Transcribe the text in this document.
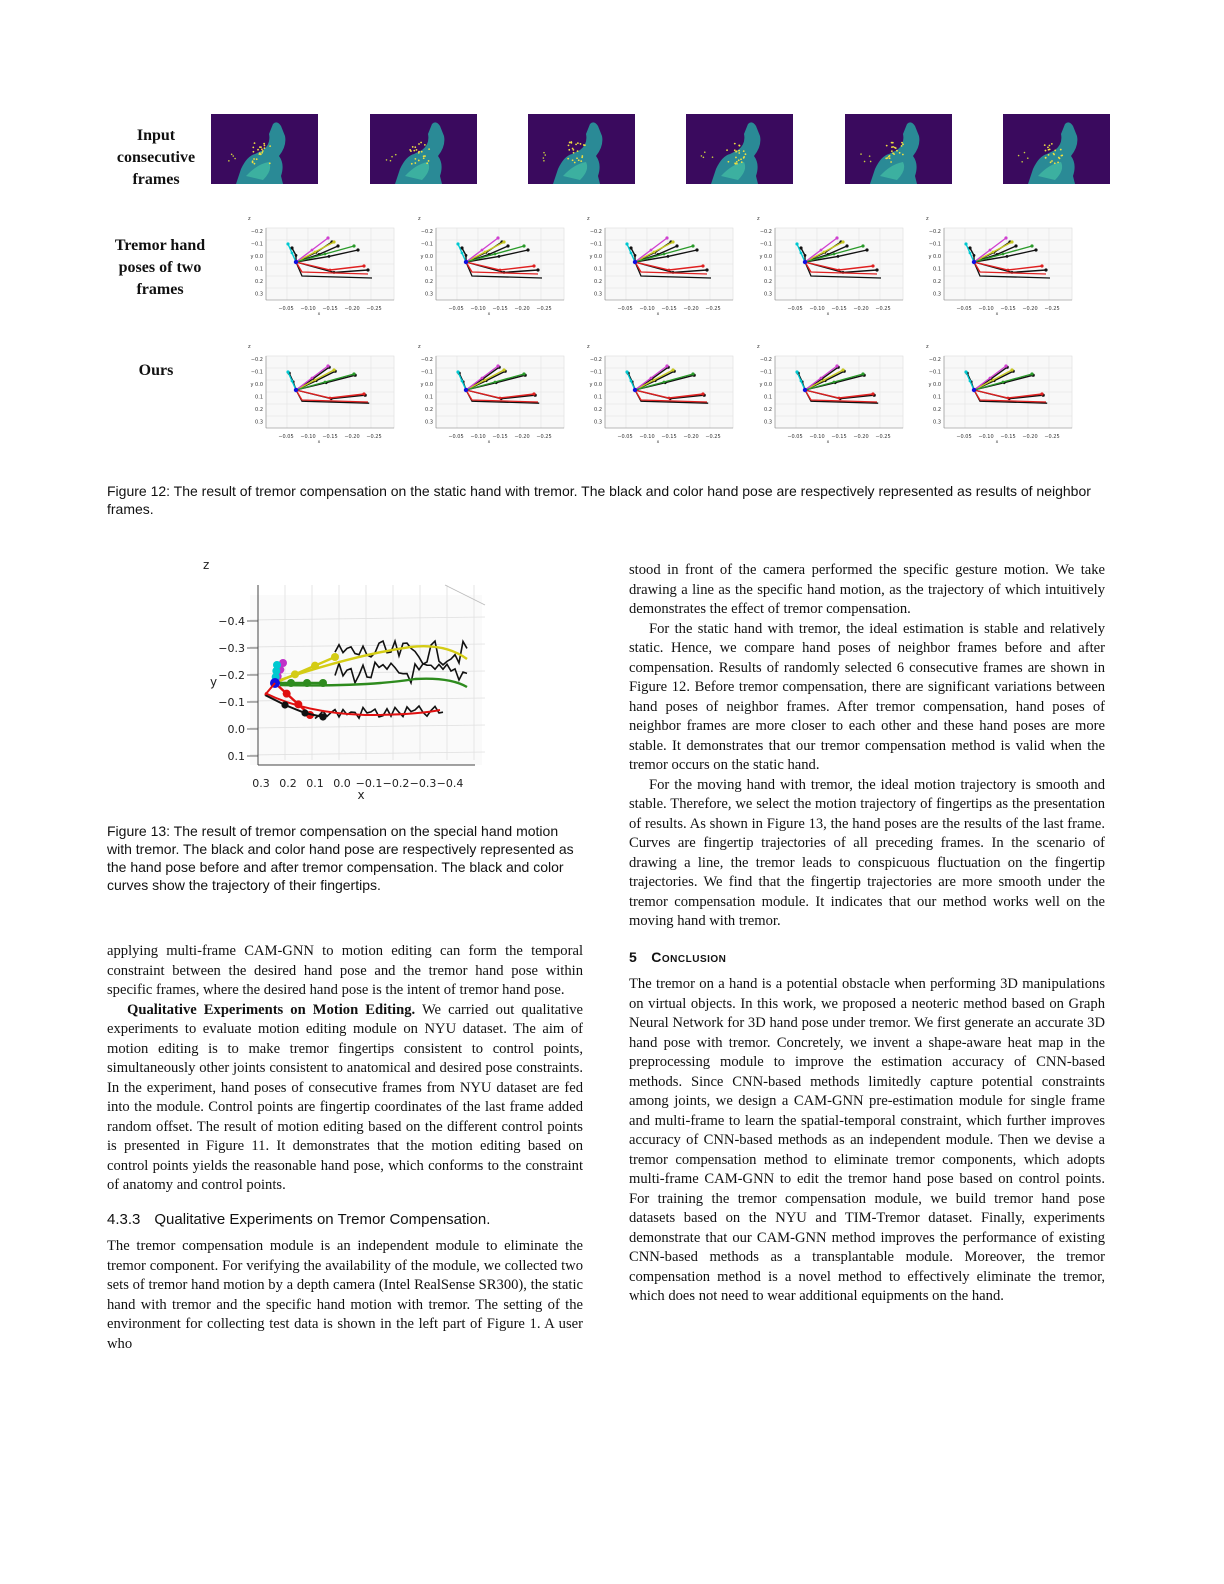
Input
consecutive
frames
Tremor hand
poses of two
frames
Ours
z
−0.2
−0.1
y 0.0
0.1
0.2
0.3
−0.05 −0.10 −0.15 −0.20 −0.25
x
z
−0.2
−0.1
y 0.0
0.1
0.2
0.3
−0.05 −0.10 −0.15 −0.20 −0.25
x
z
−0.2
−0.1
y 0.0
0.1
0.2
0.3
−0.05 −0.10 −0.15 −0.20 −0.25
x
z
−0.2
−0.1
y 0.0
0.1
0.2
0.3
−0.05 −0.10 −0.15 −0.20 −0.25
x
z
−0.2
−0.1
y 0.0
0.1
0.2
0.3
−0.05 −0.10 −0.15 −0.20 −0.25
x
z
−0.2
−0.1
y 0.0
0.1
0.2
0.3
−0.05 −0.10 −0.15 −0.20 −0.25
x
z
−0.2
−0.1
y 0.0
0.1
0.2
0.3
−0.05 −0.10 −0.15 −0.20 −0.25
x
z
−0.2
−0.1
y 0.0
0.1
0.2
0.3
−0.05 −0.10 −0.15 −0.20 −0.25
x
z
−0.2
−0.1
y 0.0
0.1
0.2
0.3
−0.05 −0.10 −0.15 −0.20 −0.25
x
z
−0.2
−0.1
y 0.0
0.1
0.2
0.3
−0.05 −0.10 −0.15 −0.20 −0.25
x
Figure 12: The result of tremor compensation on the static hand with tremor. The black and color hand pose are respectively represented as results of neighbor frames.
z
y
−0.4
−0.3
−0.2
−0.1
0.0
0.1
0.3 0.2 0.1 0.0 −0.1 −0.2 −0.3 −0.4
x
Figure 13: The result of tremor compensation on the special hand motion with tremor. The black and color hand pose are respectively represented as the hand pose before and after tremor compensation. The black and color curves show the trajectory of their fingertips.

applying multi-frame CAM-GNN to motion editing can form the temporal constraint between the desired hand pose and the tremor hand pose within specific frames, where the desired hand pose is the intent of tremor hand pose.

Qualitative Experiments on Motion Editing. We carried out qualitative experiments to evaluate motion editing module on NYU dataset. The aim of motion editing is to make tremor fingertips consistent to control points, simultaneously other joints consistent to anatomical and desired pose constraints. In the experiment, hand poses of consecutive frames from NYU dataset are fed into the module. Control points are fingertip coordinates of the last frame added random offset. The result of motion editing based on the different control points is presented in Figure 11. It demonstrates that the motion editing based on control points yields the reasonable hand pose, which conforms to the constraint of anatomy and control points.

4.3.3 Qualitative Experiments on Tremor Compensation.

The tremor compensation module is an independent module to eliminate the tremor component. For verifying the availability of the module, we collected two sets of tremor hand motion by a depth camera (Intel RealSense SR300), the static hand with tremor and the specific hand motion with tremor. The setting of the environment for collecting test data is shown in the left part of Figure 1. A user who

stood in front of the camera performed the specific gesture motion. We take drawing a line as the specific hand motion, as the trajectory of which intuitively demonstrates the effect of tremor compensation.

For the static hand with tremor, the ideal estimation is stable and relatively static. Hence, we compare hand poses of neighbor frames before and after compensation. Results of randomly selected 6 consecutive frames are shown in Figure 12. Before tremor compensation, there are significant variations between hand poses of neighbor frames. After tremor compensation, hand poses of neighbor frames are more closer to each other and these hand poses are more stable. It demonstrates that our tremor compensation method is valid when the tremor occurs on the static hand.

For the moving hand with tremor, the ideal motion trajectory is smooth and stable. Therefore, we select the motion trajectory of fingertips as the presentation of results. As shown in Figure 13, the hand poses are the results of the last frame. Curves are fingertip trajectories of all preceding frames. In the scenario of drawing a line, the tremor leads to conspicuous fluctuation on the fingertip trajectories. We find that the fingertip trajectories are more smooth under the tremor compensation module. It indicates that our method works well on the moving hand with tremor.

5 Conclusion

The tremor on a hand is a potential obstacle when performing 3D manipulations on virtual objects. In this work, we proposed a neoteric method based on Graph Neural Network for 3D hand pose under tremor. We first generate an accurate 3D hand pose with tremor. Concretely, we invent a shape-aware heat map in the preprocessing module to improve the estimation accuracy of CNN-based methods. Since CNN-based methods limitedly capture potential constraints among joints, we design a CAM-GNN pre-estimation module for single frame and multi-frame to learn the spatial-temporal constraint, which further improves accuracy of CNN-based methods as an independent module. Then we devise a tremor compensation method to eliminate tremor components, which adopts multi-frame CAM-GNN to edit the tremor hand pose based on control points. For training the tremor compensation module, we build tremor hand pose datasets based on the NYU and TIM-Tremor dataset. Finally, experiments demonstrate that our CAM-GNN method improves the performance of existing CNN-based methods as a transplantable module. Moreover, the tremor compensation method is a novel method to effectively eliminate the tremor, which does not need to wear additional equipments on the hand.
